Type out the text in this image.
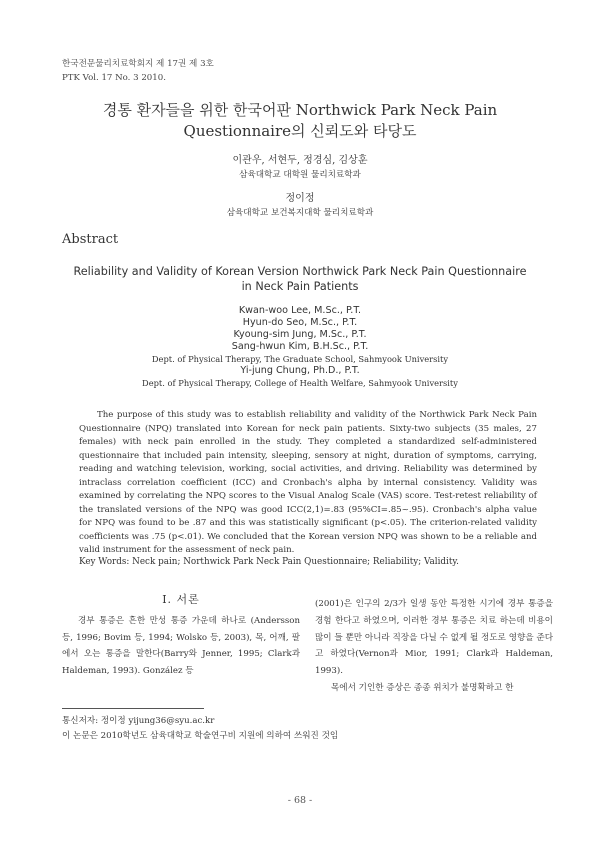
한국전문물리치료학회지 제 17권 제 3호
PTK Vol. 17 No. 3 2010.
경통 환자들을 위한 한국어판 Northwick Park Neck Pain
Questionnaire의 신뢰도와 타당도
이관우, 서현두, 정경심, 김상훈
삼육대학교 대학원 물리치료학과
정이정
삼육대학교 보건복지대학 물리치료학과
Abstract
Reliability and Validity of Korean Version Northwick Park Neck Pain Questionnaire
in Neck Pain Patients
Kwan-woo Lee, M.Sc., P.T.
Hyun-do Seo, M.Sc., P.T.
Kyoung-sim Jung, M.Sc., P.T.
Sang-hwun Kim, B.H.Sc., P.T.
Dept. of Physical Therapy, The Graduate School, Sahmyook University
Yi-jung Chung, Ph.D., P.T.
Dept. of Physical Therapy, College of Health Welfare, Sahmyook University
The purpose of this study was to establish reliability and validity of the Northwick Park Neck Pain Questionnaire (NPQ) translated into Korean for neck pain patients. Sixty-two subjects (35 males, 27 females) with neck pain enrolled in the study. They completed a standardized self-administered questionnaire that included pain intensity, sleeping, sensory at night, duration of symptoms, carrying, reading and watching television, working, social activities, and driving. Reliability was determined by intraclass correlation coefficient (ICC) and Cronbach's alpha by internal consistency. Validity was examined by correlating the NPQ scores to the Visual Analog Scale (VAS) score. Test-retest reliability of the translated versions of the NPQ was good ICC(2,1)=.83 (95%CI=.85~.95). Cronbach's alpha value for NPQ was found to be .87 and this was statistically significant (p<.05). The criterion-related validity coefficients was .75 (p<.01). We concluded that the Korean version NPQ was shown to be a reliable and valid instrument for the assessment of neck pain.
Key Words: Neck pain; Northwick Park Neck Pain Questionnaire; Reliability; Validity.
Ⅰ. 서론
경부 통증은 흔한 만성 통증 가운데 하나로 (Andersson 등, 1996; Bovim 등, 1994; Wolsko 등, 2003), 목, 어깨, 팔에서 오는 통증을 말한다(Barry와 Jenner, 1995; Clark과 Haldeman, 1993). González 등
(2001)은 인구의 2/3가 일생 동안 특정한 시기에 경부 통증을 경험 한다고 하였으며, 이러한 경부 통증은 치료 하는데 비용이 많이 들 뿐만 아니라 직장을 다닐 수 없게 될 정도로 영향을 준다고 하였다(Vernon과 Mior, 1991; Clark과 Haldeman, 1993).
목에서 기인한 증상은 종종 위치가 불명확하고 한
통신저자: 정이정 yijung36@syu.ac.kr
이 논문은 2010학년도 삼육대학교 학술연구비 지원에 의하여 쓰워진 것임
- 68 -
